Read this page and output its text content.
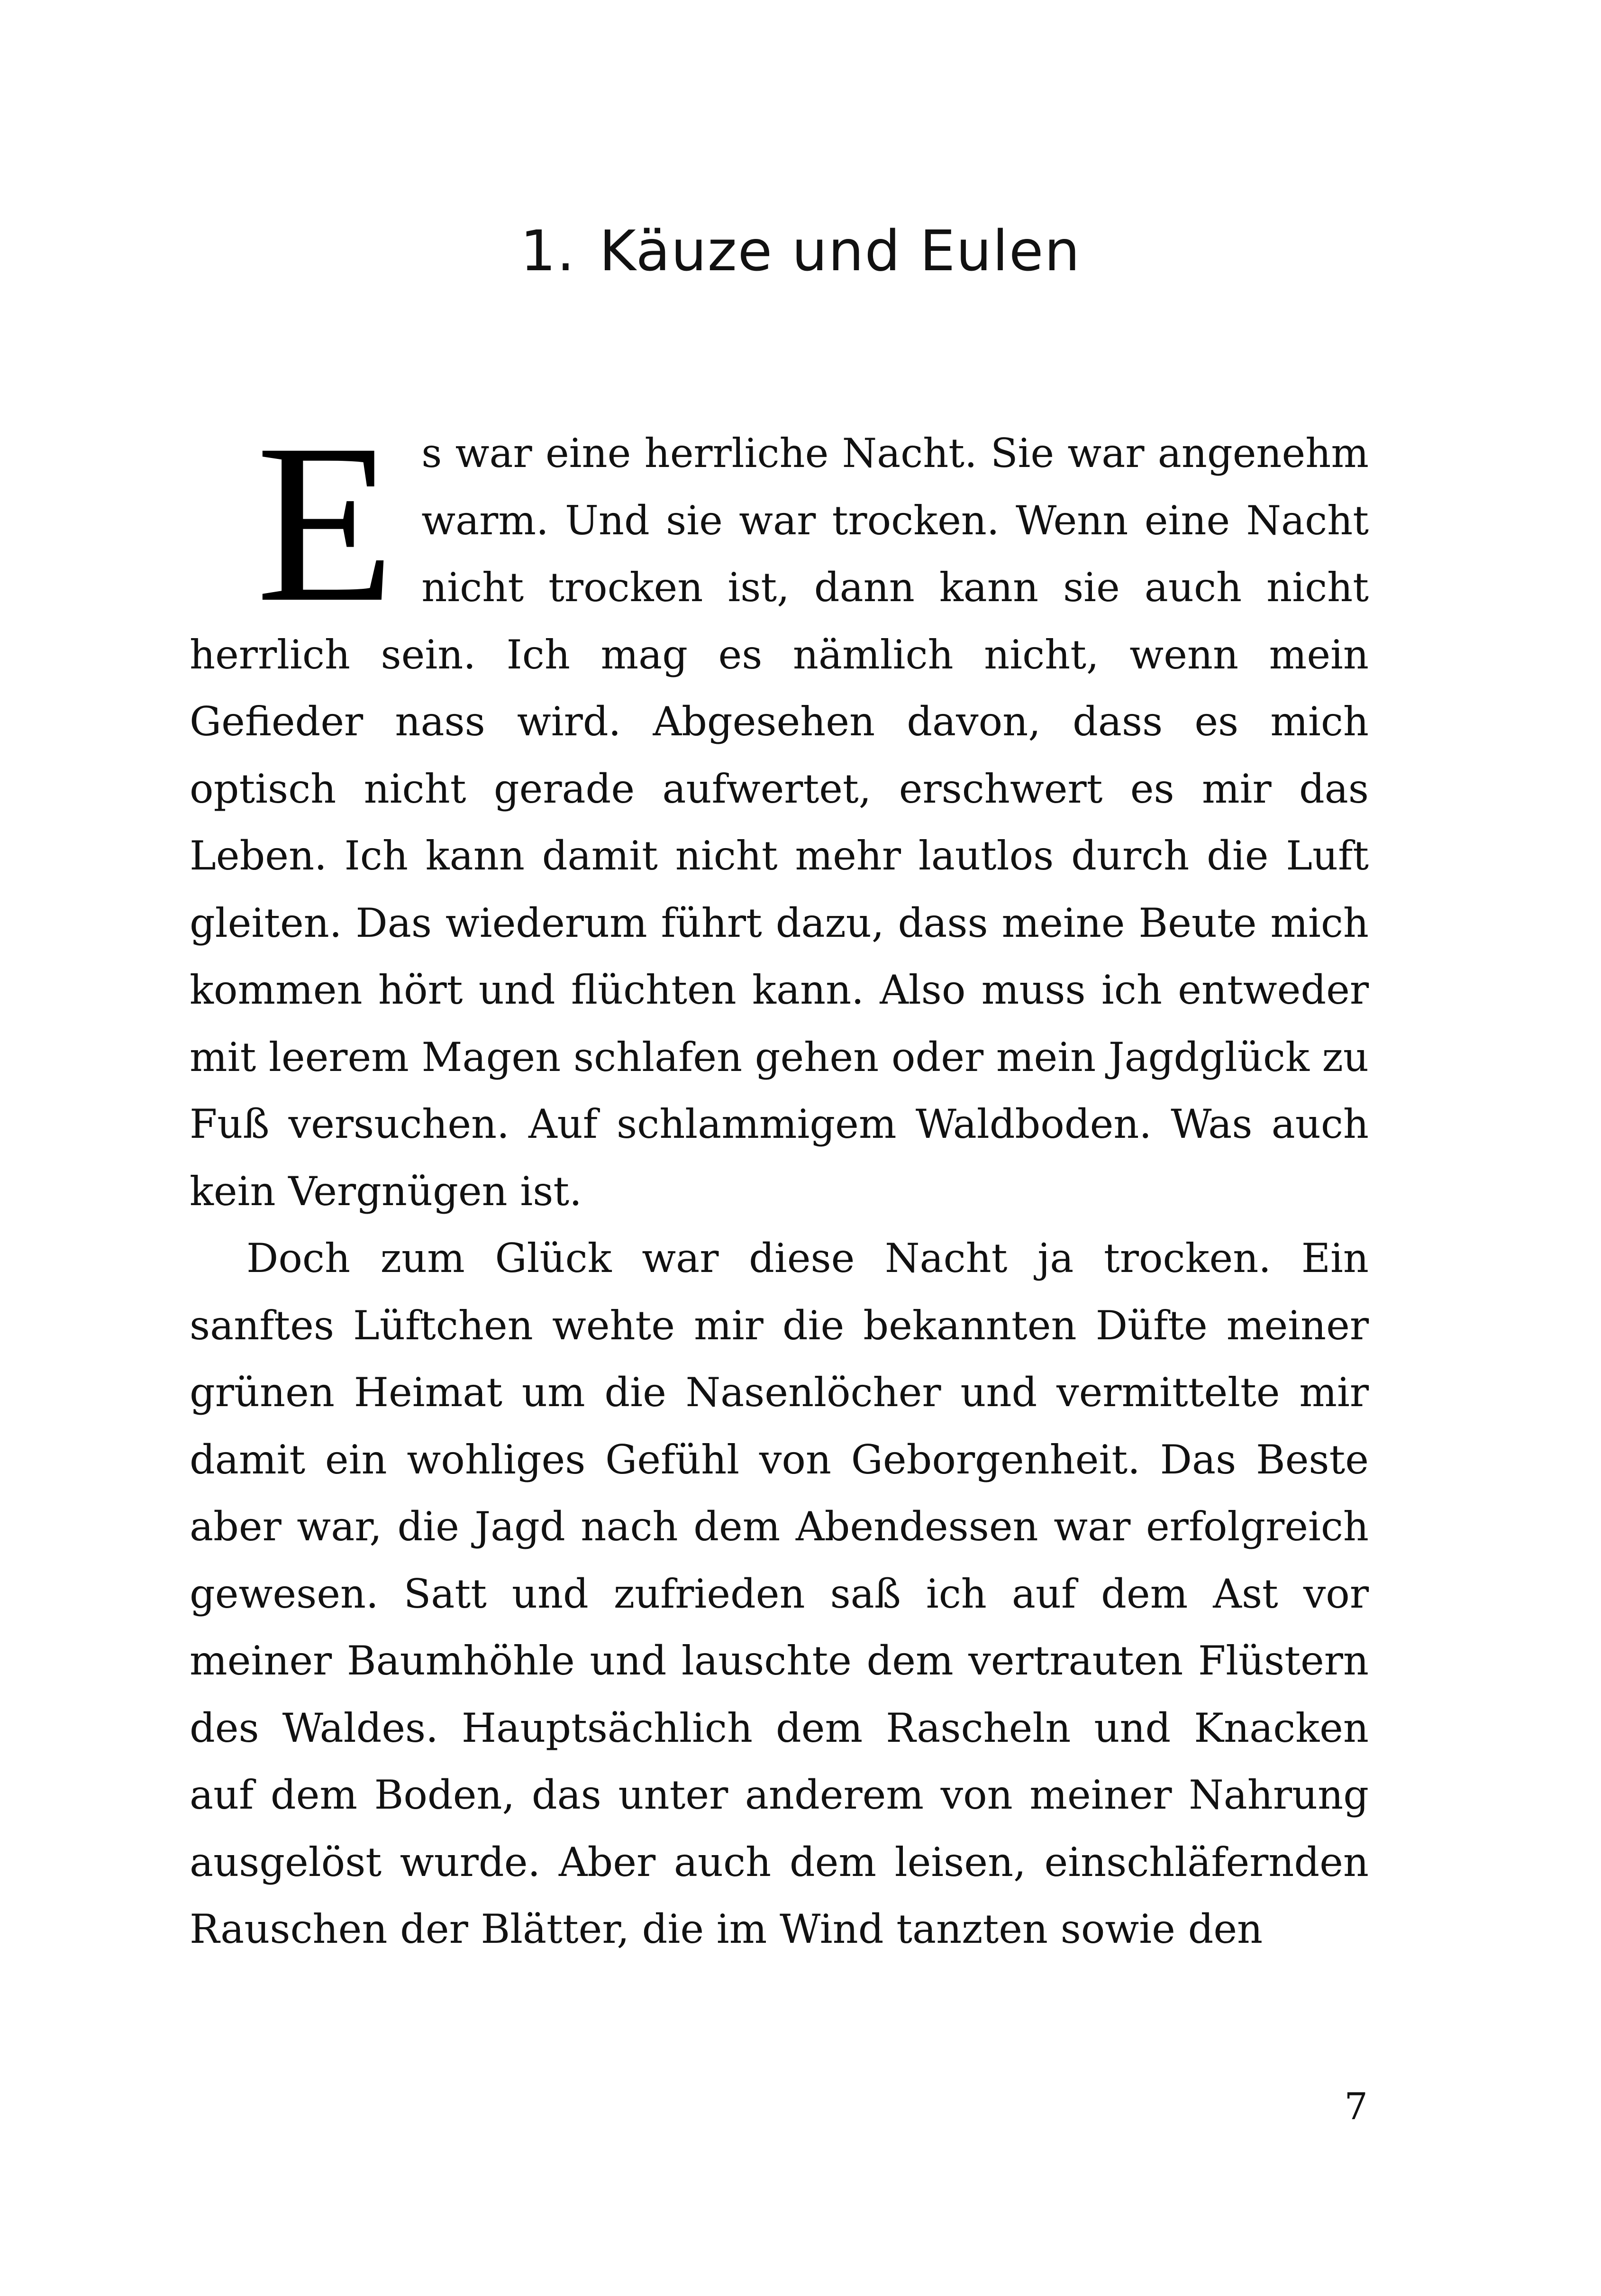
1. Käuze und Eulen

Es war eine herrliche Nacht. Sie war angenehm warm. Und sie war trocken. Wenn eine Nacht nicht trocken ist, dann kann sie auch nicht herrlich sein. Ich mag es nämlich nicht, wenn mein Gefieder nass wird. Abgesehen davon, dass es mich optisch nicht gerade aufwertet, erschwert es mir das Leben. Ich kann damit nicht mehr lautlos durch die Luft gleiten. Das wiederum führt dazu, dass meine Beute mich kommen hört und flüchten kann. Also muss ich entweder mit leerem Magen schlafen gehen oder mein Jagdglück zu Fuß versuchen. Auf schlammigem Waldboden. Was auch kein Vergnügen ist.

Doch zum Glück war diese Nacht ja trocken. Ein sanftes Lüftchen wehte mir die bekannten Düfte meiner grünen Heimat um die Nasenlöcher und vermittelte mir damit ein wohliges Gefühl von Geborgenheit. Das Beste aber war, die Jagd nach dem Abendessen war erfolgreich gewesen. Satt und zufrieden saß ich auf dem Ast vor meiner Baumhöhle und lauschte dem vertrauten Flüstern des Waldes. Hauptsächlich dem Rascheln und Knacken auf dem Boden, das unter anderem von meiner Nahrung ausgelöst wurde. Aber auch dem leisen, einschläfernden Rauschen der Blätter, die im Wind tanzten sowie den

7
